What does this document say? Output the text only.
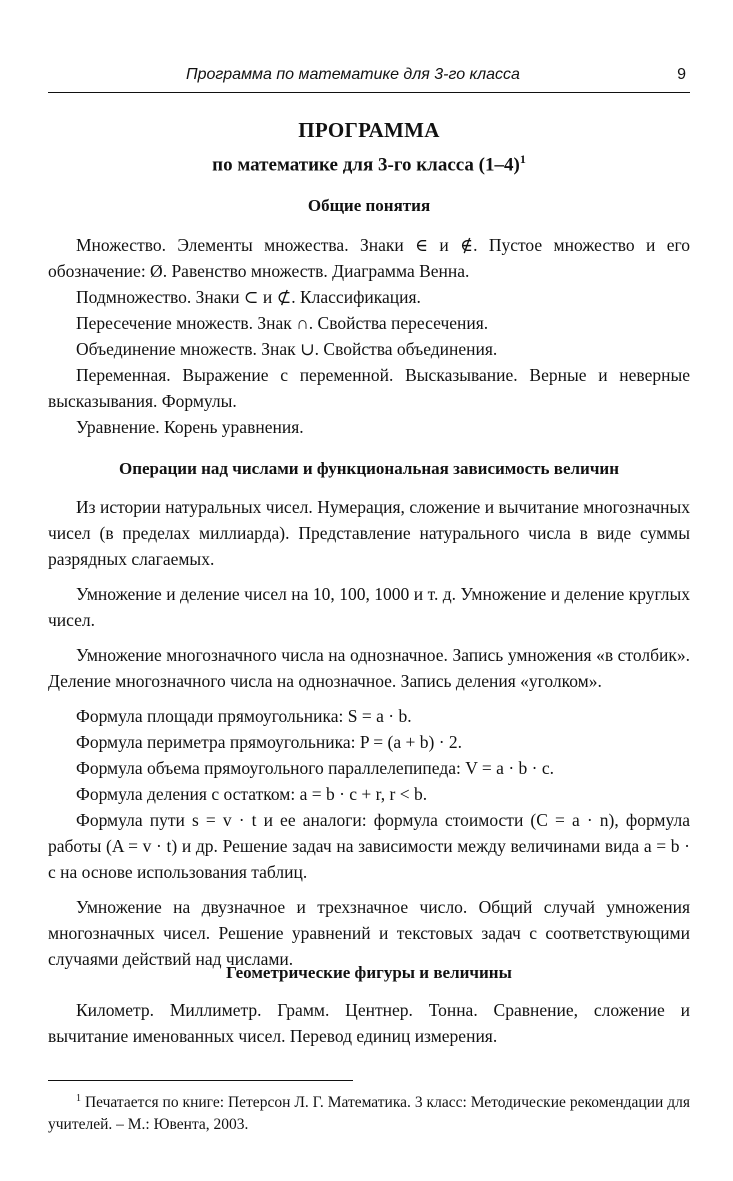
Программа по математике для 3-го класса	9
ПРОГРАММА
по математике для 3-го класса $(1-4)^1$
Общие понятия

Множество. Элементы множества. Знаки ∈ и ∉. Пустое множество и его обозначение: Ø. Равенство множеств. Диаграмма Венна.

Подмножество. Знаки ⊂ и ⊄. Классификация.

Пересечение множеств. Знак ∩. Свойства пересечения.

Объединение множеств. Знак ∪. Свойства объединения.

Переменная. Выражение с переменной. Высказывание. Верные и неверные высказывания. Формулы.

Уравнение. Корень уравнения.

Операции над числами и функциональная зависимость величин

Из истории натуральных чисел. Нумерация, сложение и вычитание многозначных чисел (в пределах миллиарда). Представление натурального числа в виде суммы разрядных слагаемых.

Умножение и деление чисел на 10, 100, 1000 и т. д. Умножение и деление круглых чисел.

Умножение многозначного числа на однозначное. Запись умножения «в столбик». Деление многозначного числа на однозначное. Запись деления «уголком».

Формула площади прямоугольника: S = a · b.

Формула периметра прямоугольника: P = (a + b) · 2.

Формула объема прямоугольного параллелепипеда: V = a · b · c.

Формула деления с остатком: a = b · c + r, r < b.

Формула пути s = v · t и ее аналоги: формула стоимости (C = a · n), формула работы (A = v · t) и др. Решение задач на зависимости между величинами вида a = b · c на основе использования таблиц.

Умножение на двузначное и трехзначное число. Общий случай умножения многозначных чисел. Решение уравнений и текстовых задач с соответствующими случаями действий над числами.

Геометрические фигуры и величины

Километр. Миллиметр. Грамм. Центнер. Тонна. Сравнение, сложение и вычитание именованных чисел. Перевод единиц измерения.

$^1$ Печатается по книге: Петерсон Л. Г. Математика. 3 класс: Методические рекомендации для учителей. – М.: Ювента, 2003.
